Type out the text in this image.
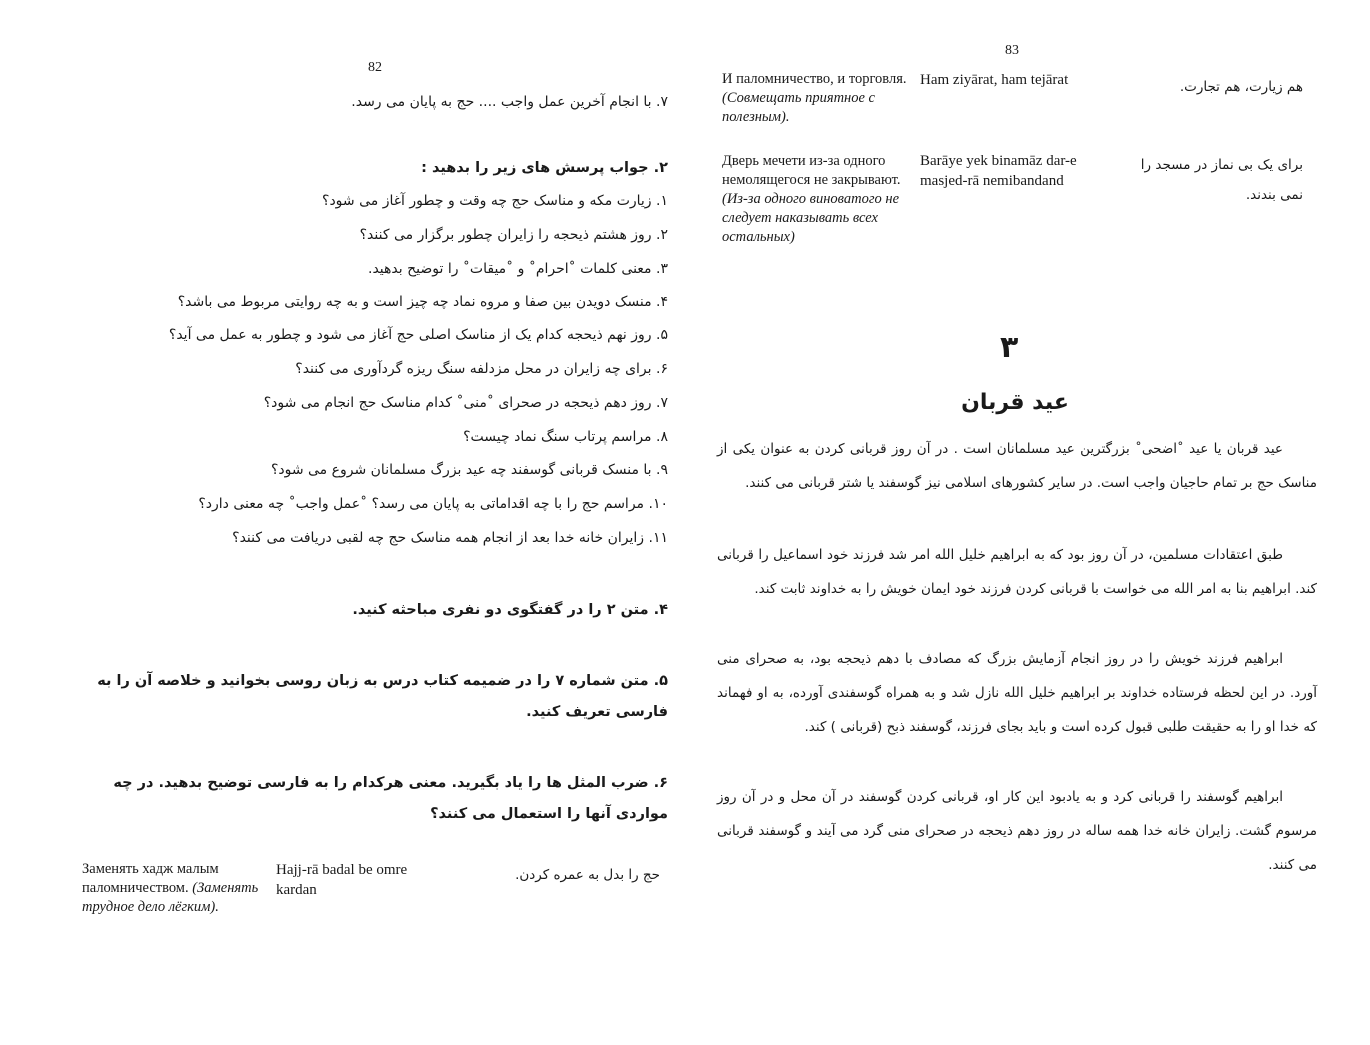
82
۷. با انجام آخرین عمل واجب .... حج به پایان می رسد.
۲. جواب پرسش های زیر را بدهید :
۱. زیارت مکه و مناسک حج چه وقت و چطور آغاز می شود؟
۲. روز هشتم ذیحجه را زایران چطور برگزار می کنند؟
۳. معنی کلمات ˚احرام˚ و ˚میقات˚ را توضیح بدهید.
۴. منسک دویدن بین صفا و مروه نماد چه چیز است و به چه روایتی مربوط می باشد؟
۵. روز نهم ذیحجه کدام یک از مناسک اصلی حج آغاز می شود و چطور به عمل می آید؟
۶. برای چه زایران در محل مزدلفه سنگ ریزه گردآوری می کنند؟
۷. روز دهم ذیحجه در صحرای ˚منی˚ کدام مناسک حج انجام می شود؟
۸. مراسم پرتاب سنگ نماد چیست؟
۹. با منسک قربانی گوسفند چه عید بزرگ مسلمانان شروع می شود؟
۱۰. مراسم حج را با چه اقداماتی به پایان می رسد؟ ˚عمل واجب˚ چه معنی دارد؟
۱۱. زایران خانه خدا بعد از انجام همه مناسک حج چه لقبی دریافت می کنند؟
۴. متن ۲ را در گفتگوی دو نفری مباحثه کنید.
۵. متن شماره ۷ را در ضمیمه کتاب درس به زبان روسی بخوانید و خلاصه آن را به فارسی تعریف کنید.
۶. ضرب المثل ها را یاد بگیرید. معنی هرکدام را به فارسی توضیح بدهید. در چه مواردی آنها را استعمال می کنند؟
Заменять хадж малым паломничеством. (Заменять трудное дело лёгким).
Hajj-rā badal be omre kardan
حج را بدل به عمره کردن.
83
И паломничество, и торговля. (Совмещать приятное с полезным).
Ham ziyārat, ham tejārat	هم زیارت، هم تجارت.
Дверь мечети из-за одного немолящегося не закрывают. (Из-за одного виноватого не следует наказывать всех остальных)
Barāye yek binamāz dar-e masjed-rā nemibandand
برای یک بی نماز در مسجد را نمی بندند.
۳
عید قربان
عید قربان یا عید ˚اضحی˚ بزرگترین عید مسلمانان است . در آن روز قربانی کردن به عنوان یکی از مناسک حج بر تمام حاجیان واجب است. در سایر کشورهای اسلامی نیز گوسفند یا شتر قربانی می کنند.
طبق اعتقادات مسلمین، در آن روز بود که به ابراهیم خلیل الله امر شد فرزند خود اسماعیل را قربانی کند. ابراهیم بنا به امر الله می خواست با قربانی کردن فرزند خود ایمان خویش را به خداوند ثابت کند.
ابراهیم فرزند خویش را در روز انجام آزمایش بزرگ که مصادف با دهم ذیحجه بود، به صحرای منی آورد. در این لحظه فرستاده خداوند بر ابراهیم خلیل الله نازل شد و به همراه گوسفندی آورده، به او فهماند که خدا او را به حقیقت طلبی قبول کرده است و باید بجای فرزند، گوسفند ذبح (قربانی ) کند.
ابراهیم گوسفند را قربانی کرد و به یادبود این کار او، قربانی کردن گوسفند در آن محل و در آن روز مرسوم گشت. زایران خانه خدا همه ساله در روز دهم ذیحجه در صحرای منی گرد می آیند و گوسفند قربانی می کنند.
